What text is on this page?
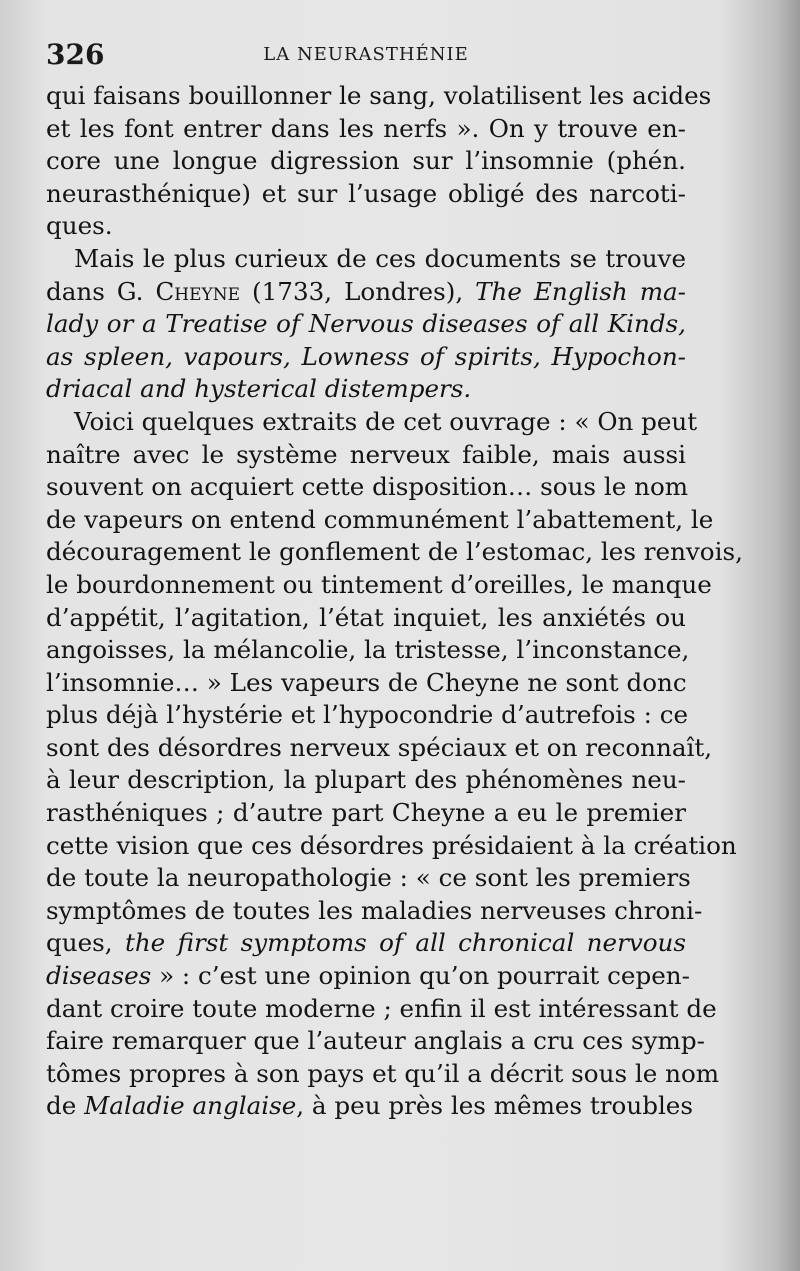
326	LA NEURASTHÉNIE
qui faisans bouillonner le sang, volatilisent les acides
et les font entrer dans les nerfs ». On y trouve en-
core une longue digression sur l’insomnie (phén.
neurasthénique) et sur l’usage obligé des narcoti-
ques.
Mais le plus curieux de ces documents se trouve
dans G. Cheyne (1733, Londres), The English ma-
lady or a Treatise of Nervous diseases of all Kinds,
as spleen, vapours, Lowness of spirits, Hypochon-
driacal and hysterical distempers.
Voici quelques extraits de cet ouvrage : « On peut
naître avec le système nerveux faible, mais aussi
souvent on acquiert cette disposition… sous le nom
de vapeurs on entend communément l’abattement, le
découragement le gonflement de l’estomac, les renvois,
le bourdonnement ou tintement d’oreilles, le manque
d’appétit, l’agitation, l’état inquiet, les anxiétés ou
angoisses, la mélancolie, la tristesse, l’inconstance,
l’insomnie… » Les vapeurs de Cheyne ne sont donc
plus déjà l’hystérie et l’hypocondrie d’autrefois : ce
sont des désordres nerveux spéciaux et on reconnaît,
à leur description, la plupart des phénomènes neu-
rasthéniques ; d’autre part Cheyne a eu le premier
cette vision que ces désordres présidaient à la création
de toute la neuropathologie : « ce sont les premiers
symptômes de toutes les maladies nerveuses chroni-
ques, the first symptoms of all chronical nervous
diseases » : c’est une opinion qu’on pourrait cepen-
dant croire toute moderne ; enfin il est intéressant de
faire remarquer que l’auteur anglais a cru ces symp-
tômes propres à son pays et qu’il a décrit sous le nom
de Maladie anglaise, à peu près les mêmes troubles
